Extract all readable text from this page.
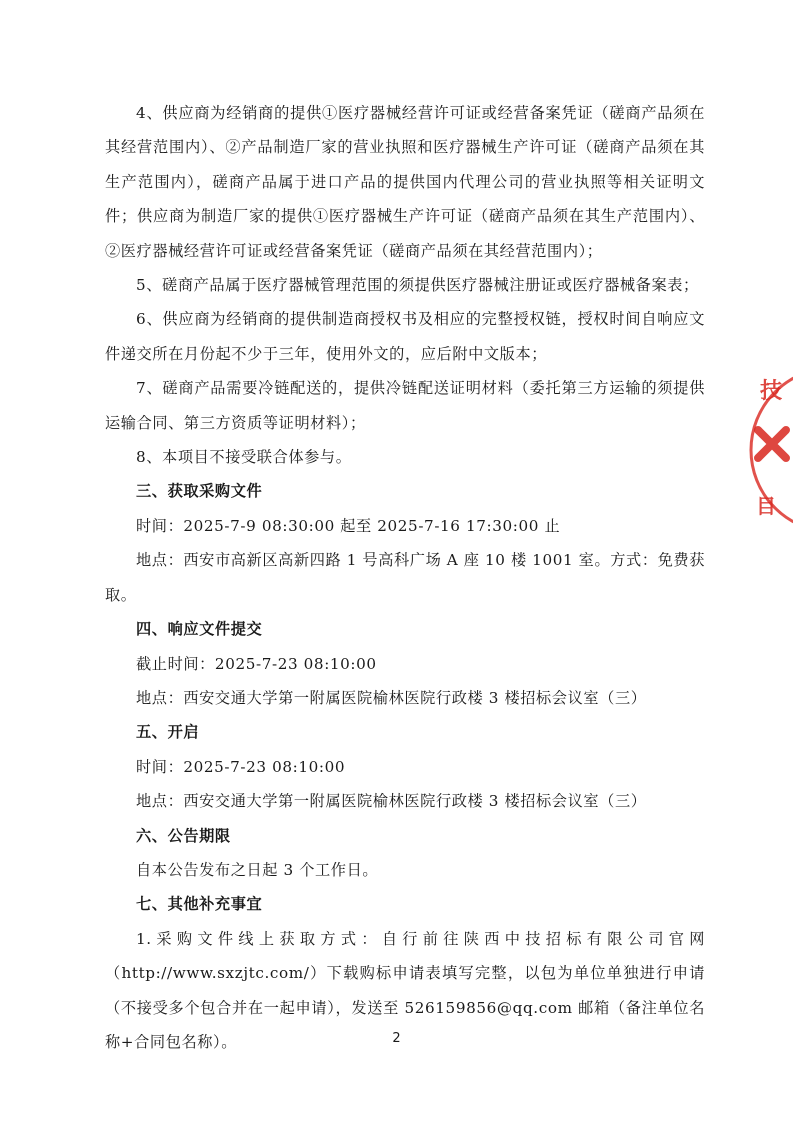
4、供应商为经销商的提供①医疗器械经营许可证或经营备案凭证（磋商产品须在其经营范围内）、②产品制造厂家的营业执照和医疗器械生产许可证（磋商产品须在其生产范围内），磋商产品属于进口产品的提供国内代理公司的营业执照等相关证明文件；供应商为制造厂家的提供①医疗器械生产许可证（磋商产品须在其生产范围内）、②医疗器械经营许可证或经营备案凭证（磋商产品须在其经营范围内）；

5、磋商产品属于医疗器械管理范围的须提供医疗器械注册证或医疗器械备案表；

6、供应商为经销商的提供制造商授权书及相应的完整授权链，授权时间自响应文件递交所在月份起不少于三年，使用外文的，应后附中文版本；

7、磋商产品需要冷链配送的，提供冷链配送证明材料（委托第三方运输的须提供运输合同、第三方资质等证明材料）；

8、本项目不接受联合体参与。

三、获取采购文件

时间：2025-7-9 08:30:00 起至 2025-7-16 17:30:00 止

地点：西安市高新区高新四路 1 号高科广场 A 座 10 楼 1001 室。方式：免费获取。

四、响应文件提交

截止时间：2025-7-23 08:10:00

地点：西安交通大学第一附属医院榆林医院行政楼 3 楼招标会议室（三）

五、开启

时间：2025-7-23 08:10:00

地点：西安交通大学第一附属医院榆林医院行政楼 3 楼招标会议室（三）

六、公告期限

自本公告发布之日起 3 个工作日。

七、其他补充事宜

1.采购文件线上获取方式：自行前往陕西中技招标有限公司官网（http://www.sxzjtc.com/）下载购标申请表填写完整，以包为单位单独进行申请（不接受多个包合并在一起申请），发送至 526159856@qq.com 邮箱（备注单位名称+合同包名称）。

技
目
2
